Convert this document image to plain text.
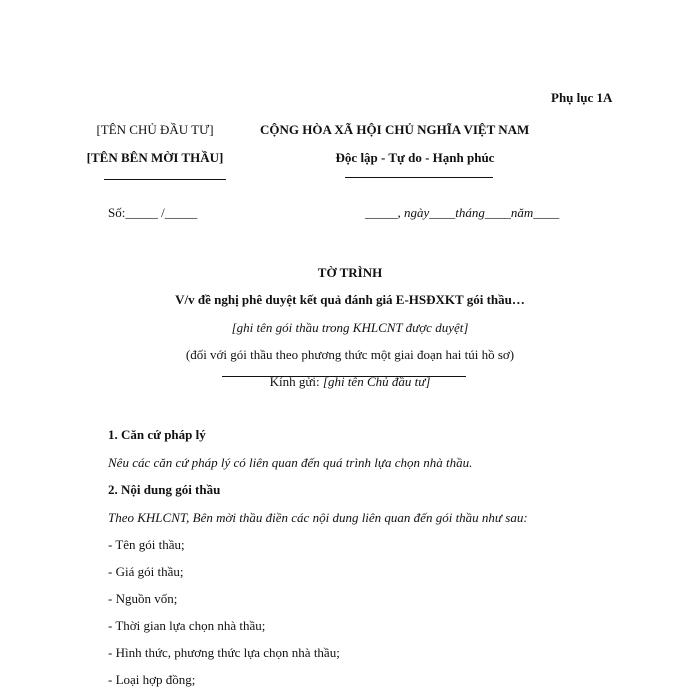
Phụ lục 1A
[TÊN CHỦ ĐẦU TƯ]
[TÊN BÊN MỜI THẦU]
CỘNG HÒA XÃ HỘI CHỦ NGHĨA VIỆT NAM
Độc lập - Tự do - Hạnh phúc
Số:_____ /_____	_____, ngày____tháng____năm____
TỜ TRÌNH
V/v đề nghị phê duyệt kết quả đánh giá E-HSĐXKT gói thầu…
[ghi tên gói thầu trong KHLCNT được duyệt]
(đối với gói thầu theo phương thức một giai đoạn hai túi hồ sơ)
Kính gửi: [ghi tên Chủ đầu tư]
1. Căn cứ pháp lý
Nêu các căn cứ pháp lý có liên quan đến quá trình lựa chọn nhà thầu.
2. Nội dung gói thầu
Theo KHLCNT, Bên mời thầu điền các nội dung liên quan đến gói thầu như sau:
- Tên gói thầu;
- Giá gói thầu;
- Nguồn vốn;
- Thời gian lựa chọn nhà thầu;
- Hình thức, phương thức lựa chọn nhà thầu;
- Loại hợp đồng;
